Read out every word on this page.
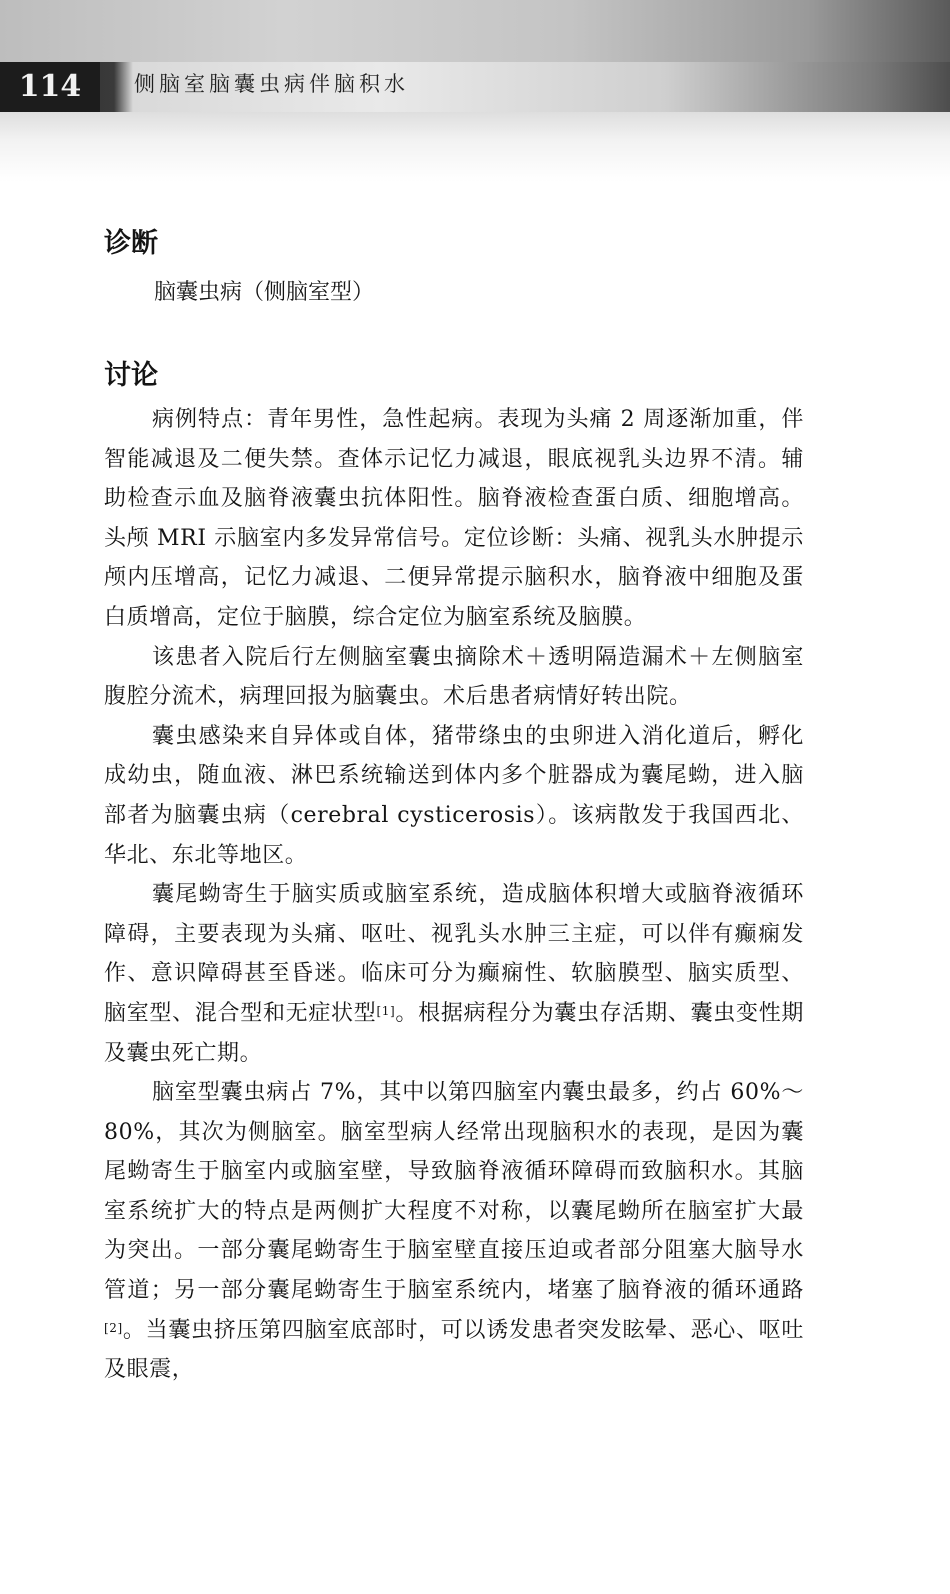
114	侧脑室脑囊虫病伴脑积水
诊断
脑囊虫病（侧脑室型）
讨论

病例特点：青年男性，急性起病。表现为头痛 2 周逐渐加重，伴智能减退及二便失禁。查体示记忆力减退，眼底视乳头边界不清。辅助检查示血及脑脊液囊虫抗体阳性。脑脊液检查蛋白质、细胞增高。头颅 MRI 示脑室内多发异常信号。定位诊断：头痛、视乳头水肿提示颅内压增高，记忆力减退、二便异常提示脑积水，脑脊液中细胞及蛋白质增高，定位于脑膜，综合定位为脑室系统及脑膜。

该患者入院后行左侧脑室囊虫摘除术＋透明隔造漏术＋左侧脑室腹腔分流术，病理回报为脑囊虫。术后患者病情好转出院。

囊虫感染来自异体或自体，猪带绦虫的虫卵进入消化道后，孵化成幼虫，随血液、淋巴系统输送到体内多个脏器成为囊尾蚴，进入脑部者为脑囊虫病（cerebral cysticerosis）。该病散发于我国西北、华北、东北等地区。

囊尾蚴寄生于脑实质或脑室系统，造成脑体积增大或脑脊液循环障碍，主要表现为头痛、呕吐、视乳头水肿三主症，可以伴有癫痫发作、意识障碍甚至昏迷。临床可分为癫痫性、软脑膜型、脑实质型、脑室型、混合型和无症状型[1]。根据病程分为囊虫存活期、囊虫变性期及囊虫死亡期。

脑室型囊虫病占 7%，其中以第四脑室内囊虫最多，约占 60%～80%，其次为侧脑室。脑室型病人经常出现脑积水的表现，是因为囊尾蚴寄生于脑室内或脑室壁，导致脑脊液循环障碍而致脑积水。其脑室系统扩大的特点是两侧扩大程度不对称，以囊尾蚴所在脑室扩大最为突出。一部分囊尾蚴寄生于脑室壁直接压迫或者部分阻塞大脑导水管道；另一部分囊尾蚴寄生于脑室系统内，堵塞了脑脊液的循环通路[2]。当囊虫挤压第四脑室底部时，可以诱发患者突发眩晕、恶心、呕吐及眼震，
